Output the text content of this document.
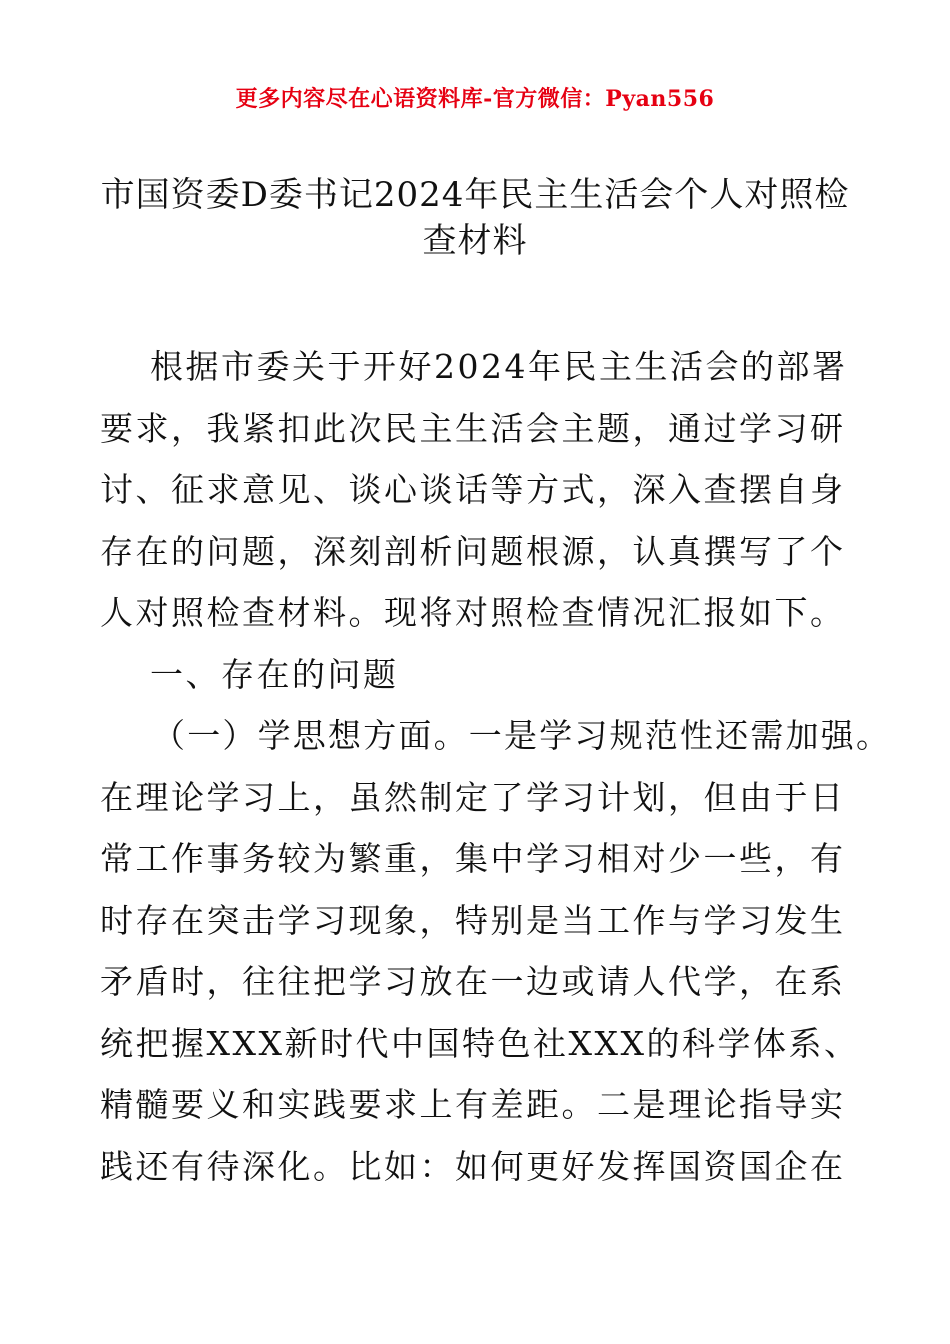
更多内容尽在心语资料库-官方微信：Pyan556
市国资委D委书记2024年民主生活会个人对照检
查材料
根据市委关于开好2024年民主生活会的部署
要求，我紧扣此次民主生活会主题，通过学习研
讨、征求意见、谈心谈话等方式，深入查摆自身
存在的问题，深刻剖析问题根源，认真撰写了个
人对照检查材料。现将对照检查情况汇报如下。
一、存在的问题
（一）学思想方面。一是学习规范性还需加强。
在理论学习上，虽然制定了学习计划，但由于日
常工作事务较为繁重，集中学习相对少一些，有
时存在突击学习现象，特别是当工作与学习发生
矛盾时，往往把学习放在一边或请人代学，在系
统把握XXX新时代中国特色社XXX的科学体系、
精髓要义和实践要求上有差距。二是理论指导实
践还有待深化。比如：如何更好发挥国资国企在
